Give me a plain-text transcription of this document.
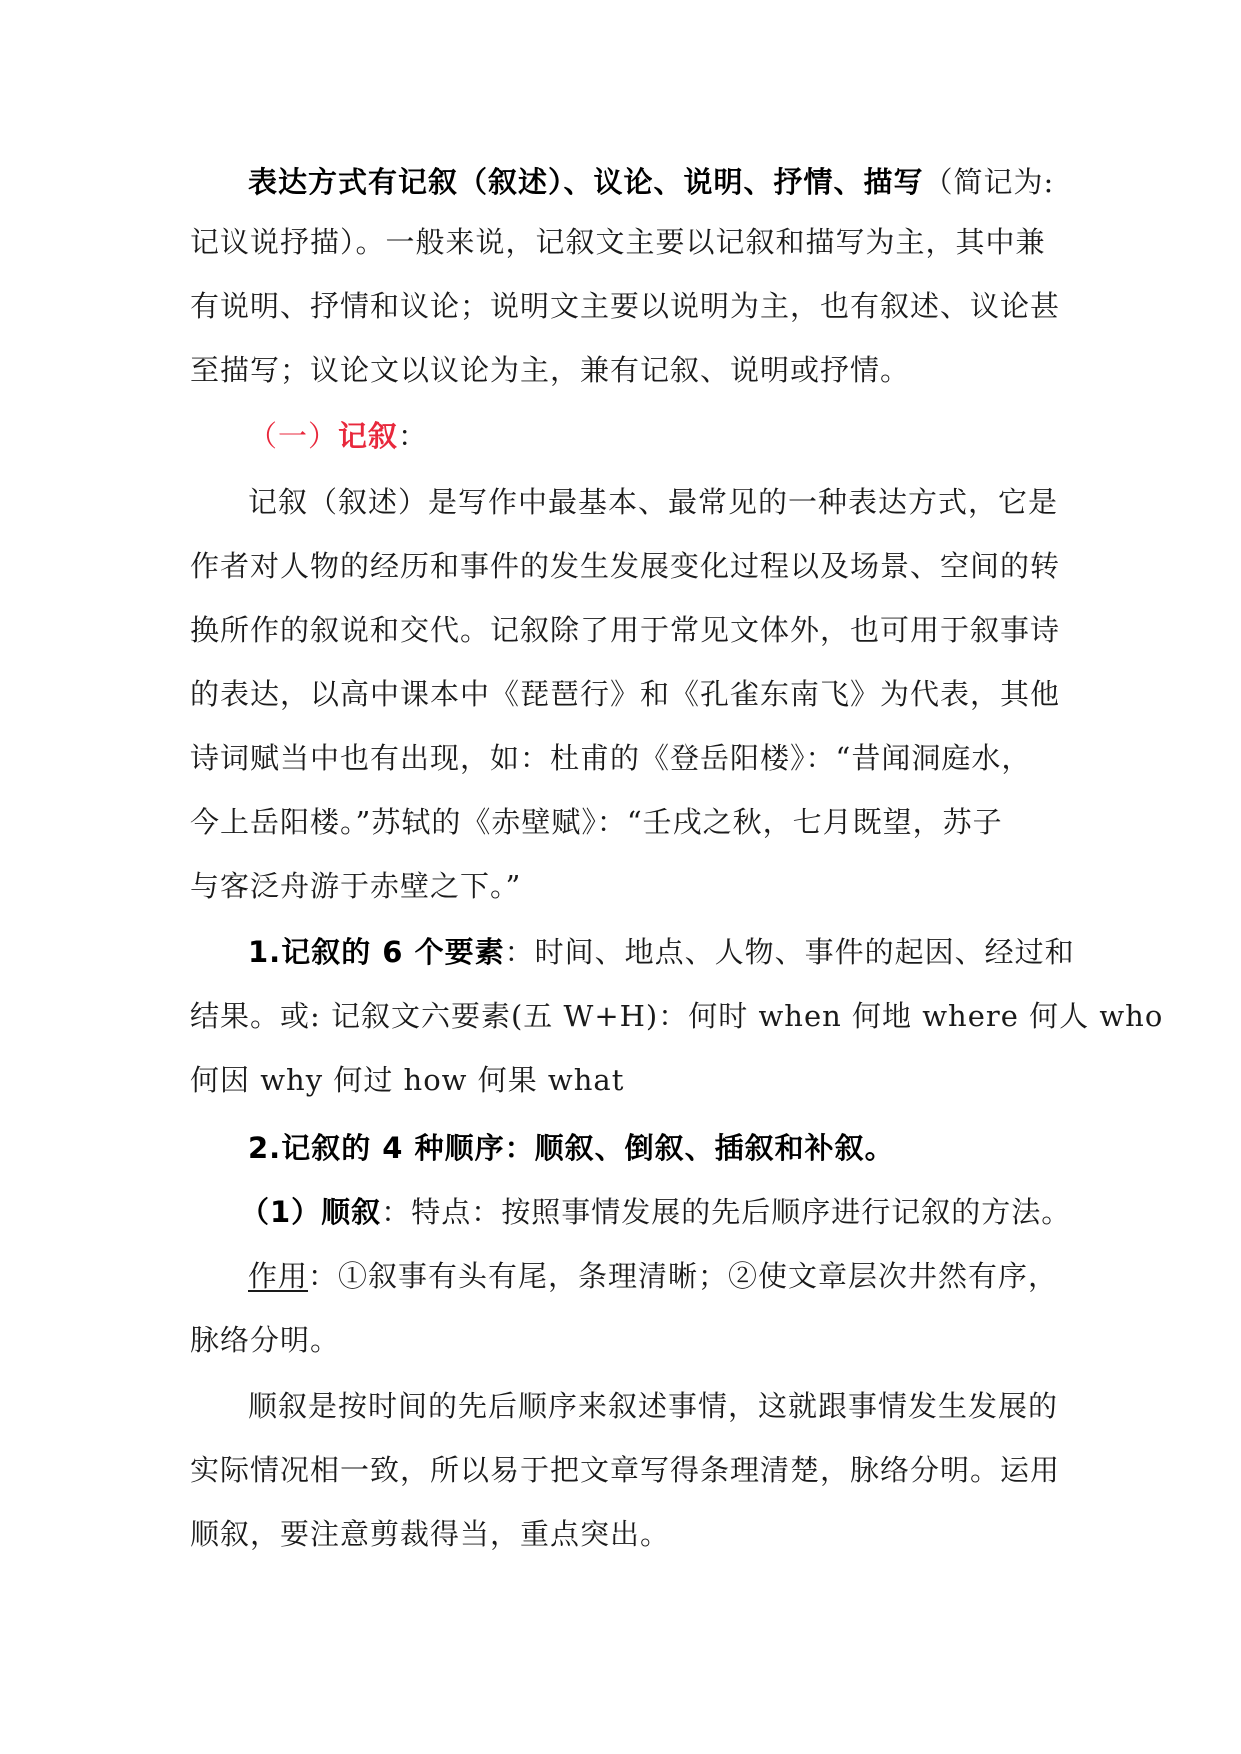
表达方式有记叙（叙述）、议论、说明、抒情、描写（简记为:
记议说抒描）。一般来说，记叙文主要以记叙和描写为主，其中兼
有说明、抒情和议论；说明文主要以说明为主，也有叙述、议论甚
至描写；议论文以议论为主，兼有记叙、说明或抒情。
（一）记叙：
记叙（叙述）是写作中最基本、最常见的一种表达方式，它是
作者对人物的经历和事件的发生发展变化过程以及场景、空间的转
换所作的叙说和交代。记叙除了用于常见文体外，也可用于叙事诗
的表达，以高中课本中《琵琶行》和《孔雀东南飞》为代表，其他
诗词赋当中也有出现，如：杜甫的《登岳阳楼》：“昔闻洞庭水，
今上岳阳楼。”苏轼的《赤壁赋》：“壬戌之秋，七月既望，苏子
与客泛舟游于赤壁之下。”
1.记叙的 6 个要素：时间、地点、人物、事件的起因、经过和
结果。或: 记叙文六要素(五 W+H)：何时 when 何地 where 何人 who
何因 why 何过 how 何果 what
2.记叙的 4 种顺序：顺叙、倒叙、插叙和补叙。
（1）顺叙：特点：按照事情发展的先后顺序进行记叙的方法。
作用：①叙事有头有尾，条理清晰；②使文章层次井然有序，
脉络分明。
顺叙是按时间的先后顺序来叙述事情，这就跟事情发生发展的
实际情况相一致，所以易于把文章写得条理清楚，脉络分明。运用
顺叙，要注意剪裁得当，重点突出。
